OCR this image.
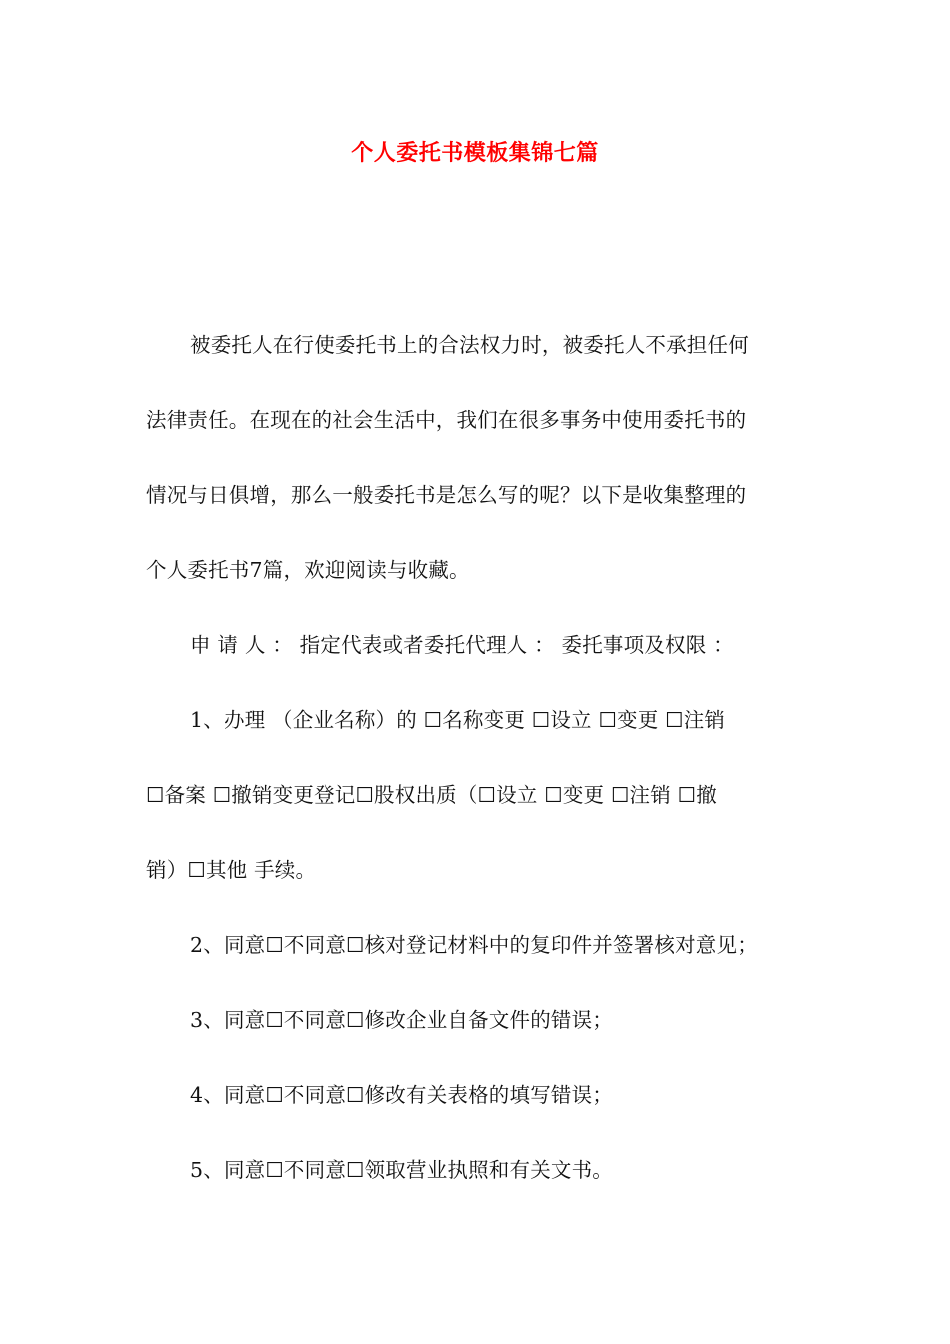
个人委托书模板集锦七篇
被委托人在行使委托书上的合法权力时，被委托人不承担任何
法律责任。在现在的社会生活中，我们在很多事务中使用委托书的
情况与日俱增，那么一般委托书是怎么写的呢？以下是收集整理的
个人委托书7篇，欢迎阅读与收藏。
申 请 人 ： 指定代表或者委托代理人 ： 委托事项及权限 ：
1、办理 （企业名称）的 ☐名称变更 ☐设立 ☐变更 ☐注销
☐备案 ☐撤销变更登记☐股权出质（☐设立 ☐变更 ☐注销 ☐撤
销）☐其他 手续。
2、同意☐不同意☐核对登记材料中的复印件并签署核对意见；
3、同意☐不同意☐修改企业自备文件的错误；
4、同意☐不同意☐修改有关表格的填写错误；
5、同意☐不同意☐领取营业执照和有关文书。
